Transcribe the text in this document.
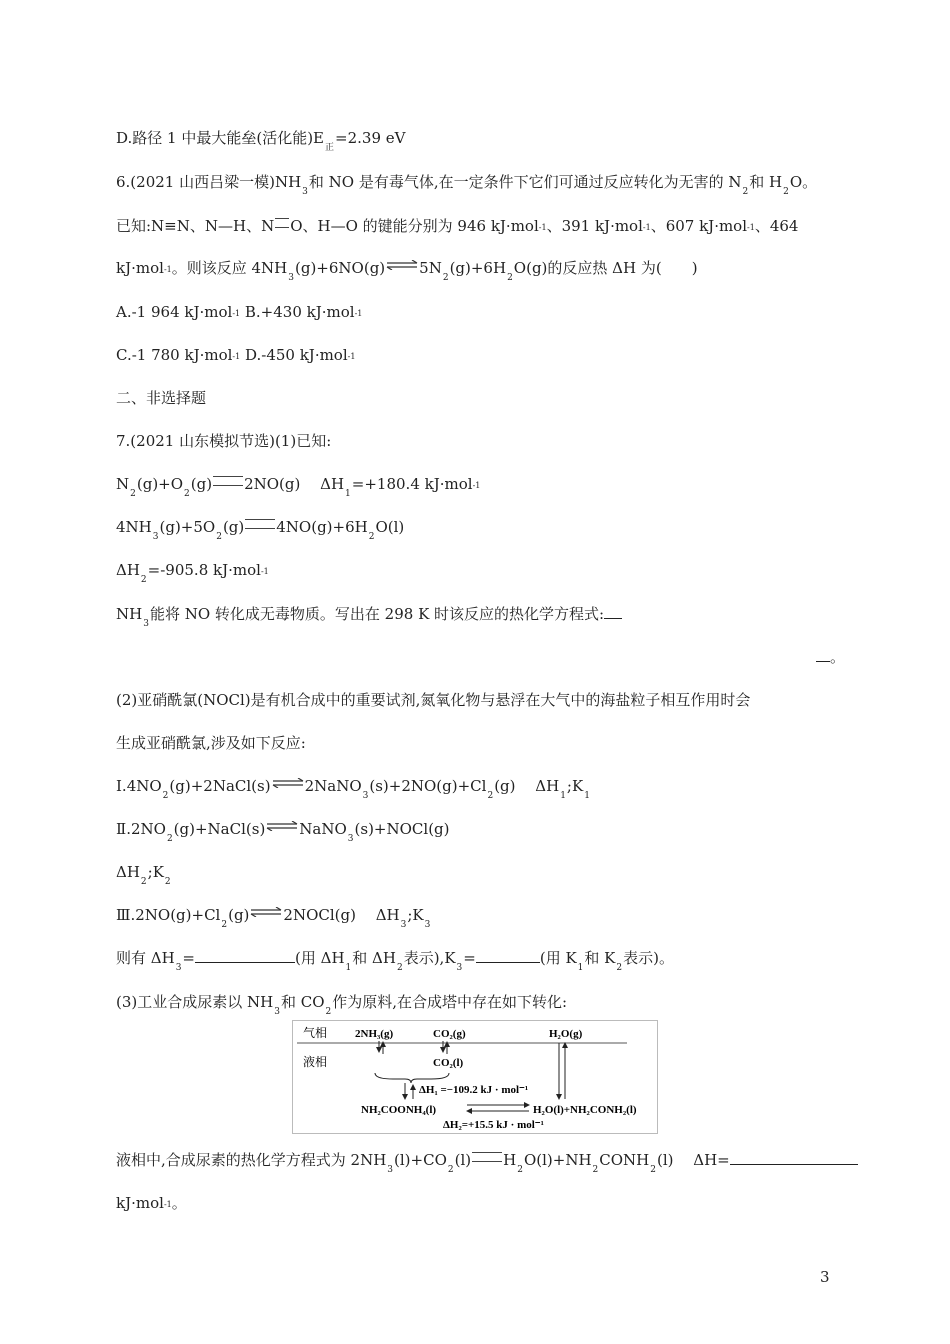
D.路径 1 中最大能垒(活化能)$E_正=2.39$ eV
6.(2021 山西吕梁一模)$NH_3$和 NO 是有毒气体,在一定条件下它们可通过反应转化为无害的 $N_2$和 $H_2O$。
已知:N≡N、N—H、N O、H—O 的键能分别为 946 kJ·mol-1、391 kJ·mol-1、607 kJ·mol-1、464
kJ·mol-1。则该反应 $4NH_3(g)+6NO(g)\rightleftharpoons 5N_2(g)+6H_2O(g)$的反应热 ΔH 为(　　)
A.-1 964 kJ·mol-1 B.+430 kJ·mol-1
C.-1 780 kJ·mol-1 D.-450 kJ·mol-1
二、非选择题
7.(2021 山东模拟节选)(1)已知:
$N_2(g)+O_2(g)$ 2NO(g)　 $\Delta H_1=+180.4$ kJ·mol-1
$4NH_3(g)+5O_2(g)$ $4NO(g)+6H_2O(l)$
$\Delta H_2=-905.8$ kJ·mol-1
$NH_3$能将 NO 转化成无毒物质。写出在 298 K 时该反应的热化学方程式:
。
(2)亚硝酰氯(NOCl)是有机合成中的重要试剂,氮氧化物与悬浮在大气中的海盐粒子相互作用时会
生成亚硝酰氯,涉及如下反应:
$Ⅰ.4NO_2(g)+2NaCl(s)\rightleftharpoons 2NaNO_3(s)+2NO(g)+Cl_2(g)$　 $\Delta H_1;K_1$
$Ⅱ.2NO_2(g)+NaCl(s)\rightleftharpoons NaNO_3(s)+NOCl(g)$
$\Delta H_2;K_2$
$Ⅲ.2NO(g)+Cl_2(g)\rightleftharpoons 2NOCl(g)$　 $\Delta H_3;K_3$
则有 $\Delta H_3=$	(用 $\Delta H_1$和 $\Delta H_2$表示)$,K_3=$	(用 $K_1$和 $K_2$表示)。
(3)工业合成尿素以 $NH_3$和 $CO_2$作为原料,在合成塔中存在如下转化:
气相
液相
2NH₃(g)	CO₂(g)	H₂O(g)
CO₂(l)
ΔH₁ =−109.2 kJ · mol⁻¹
NH₂COONH₄(l)	H₂O(l)+NH₂CONH₂(l)
ΔH₂=+15.5 kJ · mol⁻¹
液相中,合成尿素的热化学方程式为 $2NH_3(l)+CO_2(l)$ $H_2O(l)+NH_2CONH_2(l)$　 ΔH=
kJ·mol-1。
3
